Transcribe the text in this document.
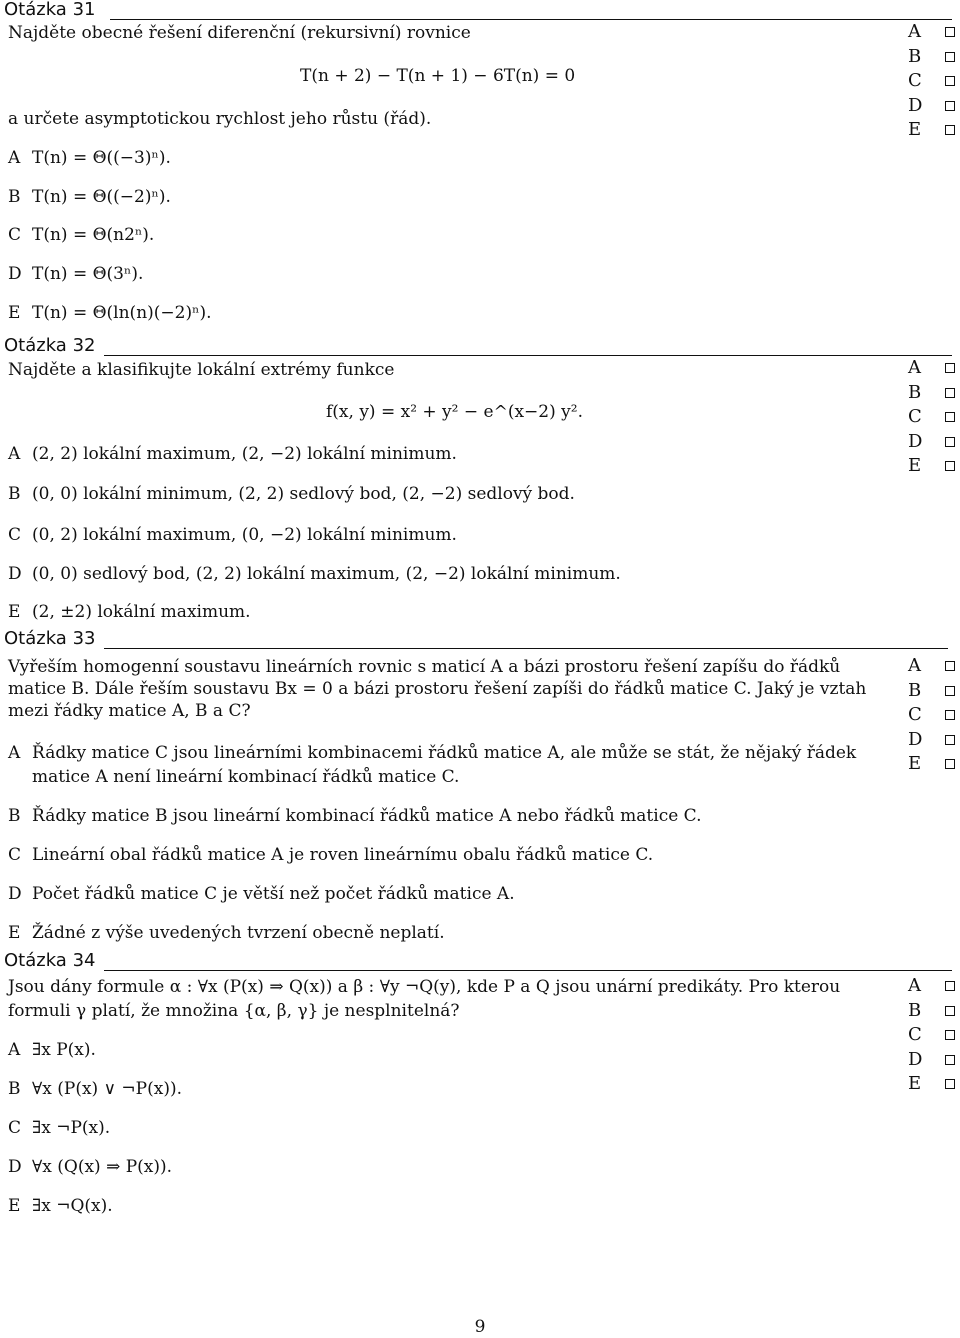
Otázka 31
Najděte obecné řešení diferenční (rekursivní) rovnice
T(n + 2) − T(n + 1) − 6T(n) = 0
a určete asymptotickou rychlost jeho růstu (řád).
A T(n) = Θ((−3)ⁿ).
B T(n) = Θ((−2)ⁿ).
C T(n) = Θ(n2ⁿ).
D T(n) = Θ(3ⁿ).
E T(n) = Θ(ln(n)(−2)ⁿ).
A
B
C
D
E
Otázka 32
Najděte a klasifikujte lokální extrémy funkce
f(x, y) = x² + y² − e^(x−2) y².
A (2, 2) lokální maximum, (2, −2) lokální minimum.
B (0, 0) lokální minimum, (2, 2) sedlový bod, (2, −2) sedlový bod.
C (0, 2) lokální maximum, (0, −2) lokální minimum.
D (0, 0) sedlový bod, (2, 2) lokální maximum, (2, −2) lokální minimum.
E (2, ±2) lokální maximum.
A
B
C
D
E
Otázka 33
Vyřeším homogenní soustavu lineárních rovnic s maticí A a bázi prostoru řešení zapíšu do řádků matice B. Dále řeším soustavu Bx = 0 a bázi prostoru řešení zapíši do řádků matice C. Jaký je vztah mezi řádky matice A, B a C?
A Řádky matice C jsou lineárními kombinacemi řádků matice A, ale může se stát, že nějaký řádek matice A není lineární kombinací řádků matice C.
B Řádky matice B jsou lineární kombinací řádků matice A nebo řádků matice C.
C Lineární obal řádků matice A je roven lineárnímu obalu řádků matice C.
D Počet řádků matice C je větší než počet řádků matice A.
E Žádné z výše uvedených tvrzení obecně neplatí.
A
B
C
D
E
Otázka 34
Jsou dány formule α : ∀x (P(x) ⇒ Q(x)) a β : ∀y ¬Q(y), kde P a Q jsou unární predikáty. Pro kterou formuli γ platí, že množina {α, β, γ} je nesplnitelná?
A ∃x P(x).
B ∀x (P(x) ∨ ¬P(x)).
C ∃x ¬P(x).
D ∀x (Q(x) ⇒ P(x)).
E ∃x ¬Q(x).
A
B
C
D
E
9
